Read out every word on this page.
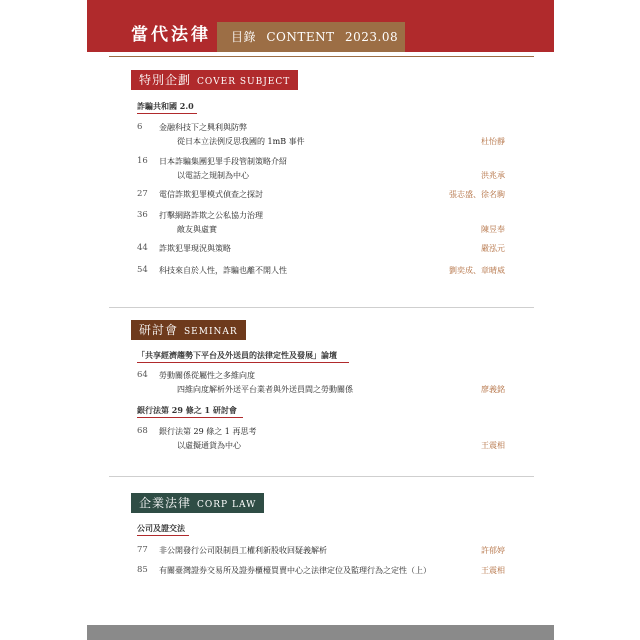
當代法律	目錄 CONTENT 2023.08
特別企劃 COVER SUBJECT
詐騙共和國 2.0
6 金融科技下之興利與防弊
從日本立法例反思我國的 1mB 事件	杜怡靜
16 日本詐騙集團犯罪手段管制策略介紹
以電話之規制為中心	洪兆承
27 電信詐欺犯罪模式偵查之探討	張志盛、徐名駒
36 打擊網路詐欺之公私協力治理
敵友與虛實	陳昱奉
44 詐欺犯罪現況與策略	嚴泓元
54 科技來自於人性，詐騙也離不開人性	劉奕成、章晴威
研討會 SEMINAR
「共享經濟趨勢下平台及外送員的法律定性及發展」論壇
64 勞動關係從屬性之多維向度
四維向度解析外送平台業者與外送員間之勞動關係	廖義銘
銀行法第 29 條之 1 研討會
68 銀行法第 29 條之 1 再思考
以虛擬通貨為中心	王震相
企業法律 CORP LAW
公司及證交法
77 非公開發行公司限制員工權利新股收回疑義解析	許郁婷
85 有關臺灣證券交易所及證券櫃檯買賣中心之法律定位及監理行為之定性（上）	王震相
